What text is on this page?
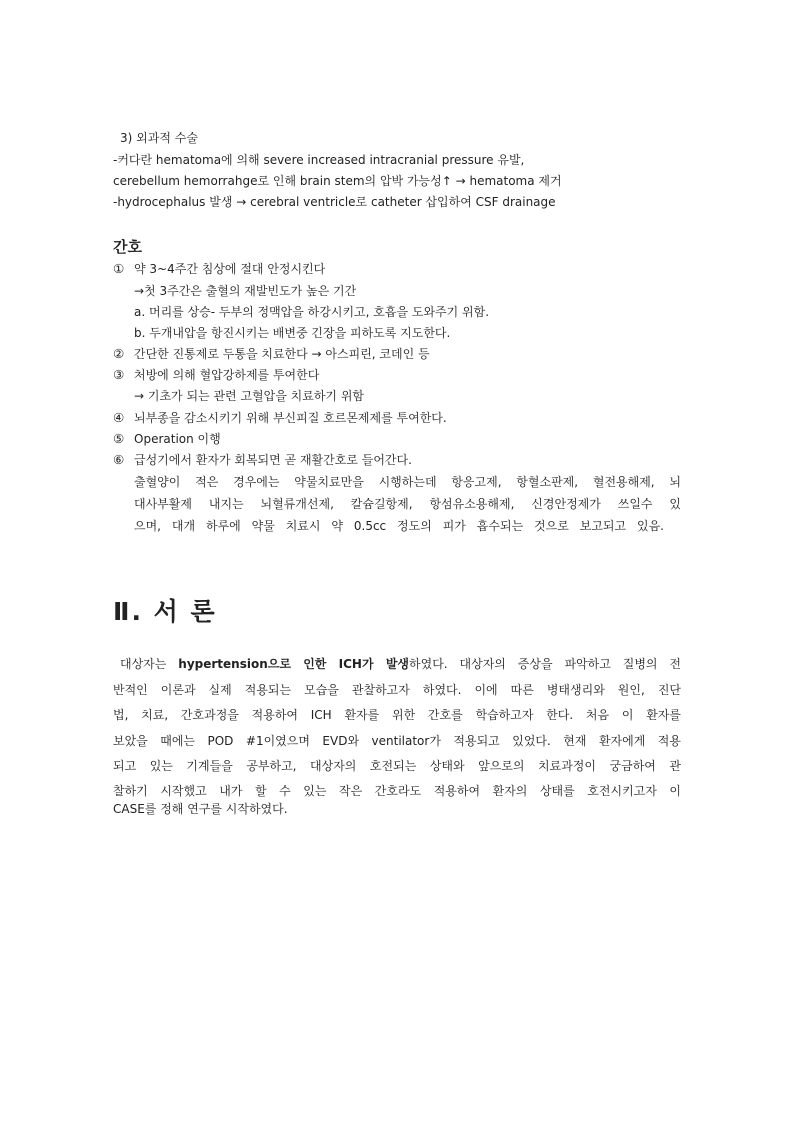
3) 외과적 수술
-커다란 hematoma에 의해 severe increased intracranial pressure 유발,
cerebellum hemorrahge로 인해 brain stem의 압박 가능성↑ → hematoma 제거
-hydrocephalus 발생 → cerebral ventricle로 catheter 삽입하여 CSF drainage
간호
① 약 3~4주간 침상에 절대 안정시킨다
→첫 3주간은 출혈의 재발빈도가 높은 기간
a. 머리를 상승- 두부의 정맥압을 하강시키고, 호흡을 도와주기 위함.
b. 두개내압을 항진시키는 배변중 긴장을 피하도록 지도한다.
② 간단한 진통제로 두통을 치료한다 → 아스피린, 코데인 등
③ 처방에 의해 혈압강하제를 투여한다
→ 기초가 되는 관련 고혈압을 치료하기 위함
④ 뇌부종을 감소시키기 위해 부신피질 호르몬제제를 투여한다.
⑤ Operation 이행
⑥ 급성기에서 환자가 회복되면 곧 재활간호로 들어간다.
출혈양이 적은 경우에는 약물치료만을 시행하는데 항응고제, 항혈소판제, 혈전용해제, 뇌
대사부활제 내지는 뇌혈류개선제, 칼슘길항제, 항섬유소용해제, 신경안정제가 쓰일수 있
으며, 대개 하루에 약물 치료시 약 0.5cc 정도의 피가 흡수되는 것으로 보고되고 있음.
Ⅱ. 서 론
대상자는 hypertension으로 인한 ICH가 발생하였다. 대상자의 증상을 파악하고 질병의 전
반적인 이론과 실제 적용되는 모습을 관찰하고자 하였다. 이에 따른 병태생리와 원인, 진단
법, 치료, 간호과정을 적용하여 ICH 환자를 위한 간호를 학습하고자 한다. 처음 이 환자를
보았을 때에는 POD #1이였으며 EVD와 ventilator가 적용되고 있었다. 현재 환자에게 적용
되고 있는 기계들을 공부하고, 대상자의 호전되는 상태와 앞으로의 치료과정이 궁금하여 관
찰하기 시작했고 내가 할 수 있는 작은 간호라도 적용하여 환자의 상태를 호전시키고자 이
CASE를 정해 연구를 시작하였다.
